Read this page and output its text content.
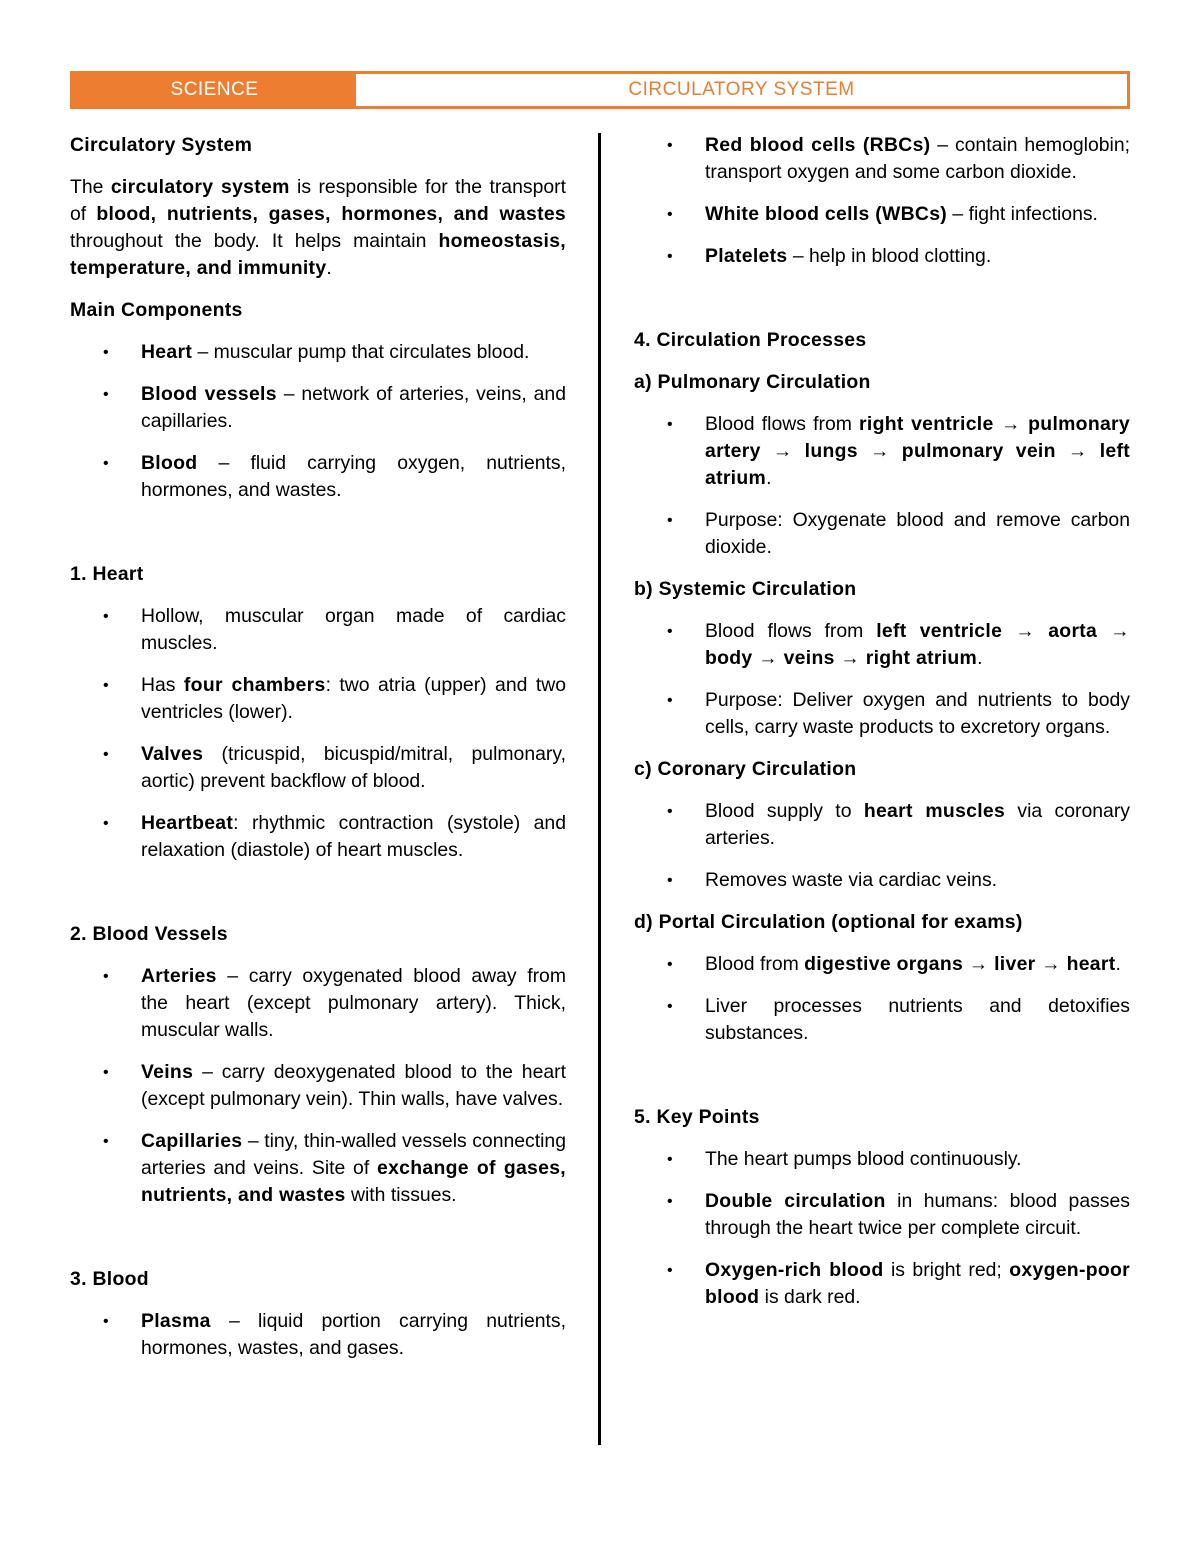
SCIENCE	CIRCULATORY SYSTEM
Circulatory System
The circulatory system is responsible for the transport of blood, nutrients, gases, hormones, and wastes throughout the body. It helps maintain homeostasis, temperature, and immunity.
Main Components
• Heart – muscular pump that circulates blood.
• Blood vessels – network of arteries, veins, and capillaries.
• Blood – fluid carrying oxygen, nutrients, hormones, and wastes.
1. Heart
• Hollow, muscular organ made of cardiac muscles.
• Has four chambers: two atria (upper) and two ventricles (lower).
• Valves (tricuspid, bicuspid/mitral, pulmonary, aortic) prevent backflow of blood.
• Heartbeat: rhythmic contraction (systole) and relaxation (diastole) of heart muscles.
2. Blood Vessels
• Arteries – carry oxygenated blood away from the heart (except pulmonary artery). Thick, muscular walls.
• Veins – carry deoxygenated blood to the heart (except pulmonary vein). Thin walls, have valves.
• Capillaries – tiny, thin-walled vessels connecting arteries and veins. Site of exchange of gases, nutrients, and wastes with tissues.
3. Blood
• Plasma – liquid portion carrying nutrients, hormones, wastes, and gases.
• Red blood cells (RBCs) – contain hemoglobin; transport oxygen and some carbon dioxide.
• White blood cells (WBCs) – fight infections.
• Platelets – help in blood clotting.
4. Circulation Processes
a) Pulmonary Circulation
• Blood flows from right ventricle → pulmonary artery → lungs → pulmonary vein → left atrium.
• Purpose: Oxygenate blood and remove carbon dioxide.
b) Systemic Circulation
• Blood flows from left ventricle → aorta → body → veins → right atrium.
• Purpose: Deliver oxygen and nutrients to body cells, carry waste products to excretory organs.
c) Coronary Circulation
• Blood supply to heart muscles via coronary arteries.
• Removes waste via cardiac veins.
d) Portal Circulation (optional for exams)
• Blood from digestive organs → liver → heart.
• Liver processes nutrients and detoxifies substances.
5. Key Points
• The heart pumps blood continuously.
• Double circulation in humans: blood passes through the heart twice per complete circuit.
• Oxygen-rich blood is bright red; oxygen-poor blood is dark red.
